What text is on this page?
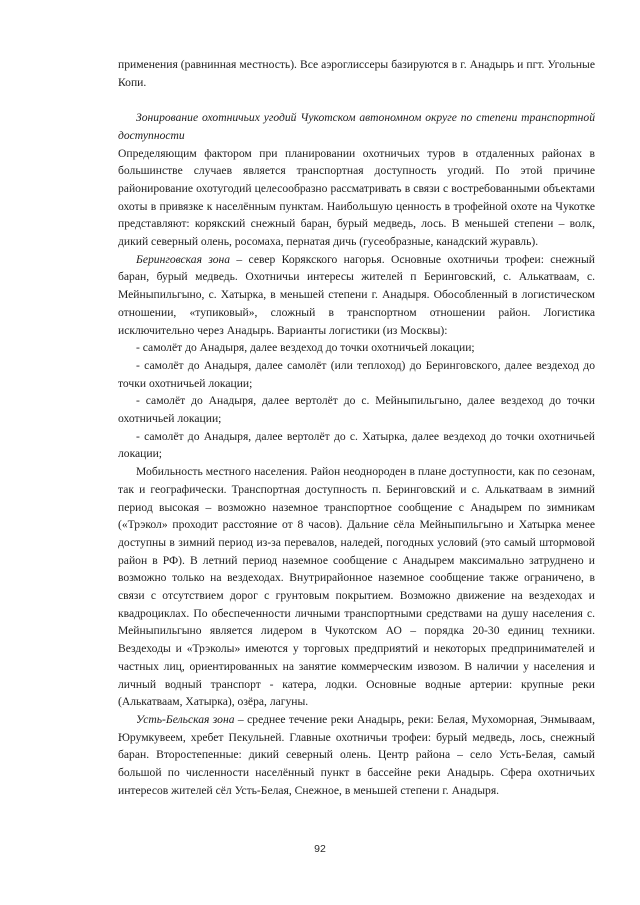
применения (равнинная местность). Все аэроглиссеры базируются в г. Анадырь и пгт. Угольные Копи.

Зонирование охотничьих угодий Чукотском автономном округе по степени транспортной доступности

Определяющим фактором при планировании охотничьих туров в отдаленных районах в большинстве случаев является транспортная доступность угодий. По этой причине районирование охотугодий целесообразно рассматривать в связи с востребованными объектами охоты в привязке к населённым пунктам. Наибольшую ценность в трофейной охоте на Чукотке представляют: корякский снежный баран, бурый медведь, лось. В меньшей степени – волк, дикий северный олень, росомаха, пернатая дичь (гусеобразные, канадский журавль).

Беринговская зона – север Корякского нагорья. Основные охотничьи трофеи: снежный баран, бурый медведь. Охотничьи интересы жителей п Беринговский, с. Алькатваам, с. Мейныпильгыно, с. Хатырка, в меньшей степени г. Анадыря. Обособленный в логистическом отношении, «тупиковый», сложный в транспортном отношении район. Логистика исключительно через Анадырь. Варианты логистики (из Москвы):

- самолёт до Анадыря, далее вездеход до точки охотничьей локации;

- самолёт до Анадыря, далее самолёт (или теплоход) до Беринговского, далее вездеход до точки охотничьей локации;

- самолёт до Анадыря, далее вертолёт до с. Мейныпильгыно, далее вездеход до точки охотничьей локации;

- самолёт до Анадыря, далее вертолёт до с. Хатырка, далее вездеход до точки охотничьей локации;

Мобильность местного населения. Район неоднороден в плане доступности, как по сезонам, так и географически. Транспортная доступность п. Беринговский и с. Алькатваам в зимний период высокая – возможно наземное транспортное сообщение с Анадырем по зимникам («Трэкол» проходит расстояние от 8 часов). Дальние сёла Мейныпильгыно и Хатырка менее доступны в зимний период из-за перевалов, наледей, погодных условий (это самый штормовой район в РФ). В летний период наземное сообщение с Анадырем максимально затруднено и возможно только на вездеходах. Внутрирайонное наземное сообщение также ограничено, в связи с отсутствием дорог с грунтовым покрытием. Возможно движение на вездеходах и квадроциклах. По обеспеченности личными транспортными средствами на душу населения с. Мейныпильгыно является лидером в Чукотском АО – порядка 20-30 единиц техники. Вездеходы и «Трэколы» имеются у торговых предприятий и некоторых предпринимателей и частных лиц, ориентированных на занятие коммерческим извозом. В наличии у населения и личный водный транспорт - катера, лодки. Основные водные артерии: крупные реки (Алькатваам, Хатырка), озёра, лагуны.

Усть-Бельская зона – среднее течение реки Анадырь, реки: Белая, Мухоморная, Энмываам, Юрумкувеем, хребет Пекульней. Главные охотничьи трофеи: бурый медведь, лось, снежный баран. Второстепенные: дикий северный олень. Центр района – село Усть-Белая, самый большой по численности населённый пункт в бассейне реки Анадырь. Сфера охотничьих интересов жителей сёл Усть-Белая, Снежное, в меньшей степени г. Анадыря.

92
